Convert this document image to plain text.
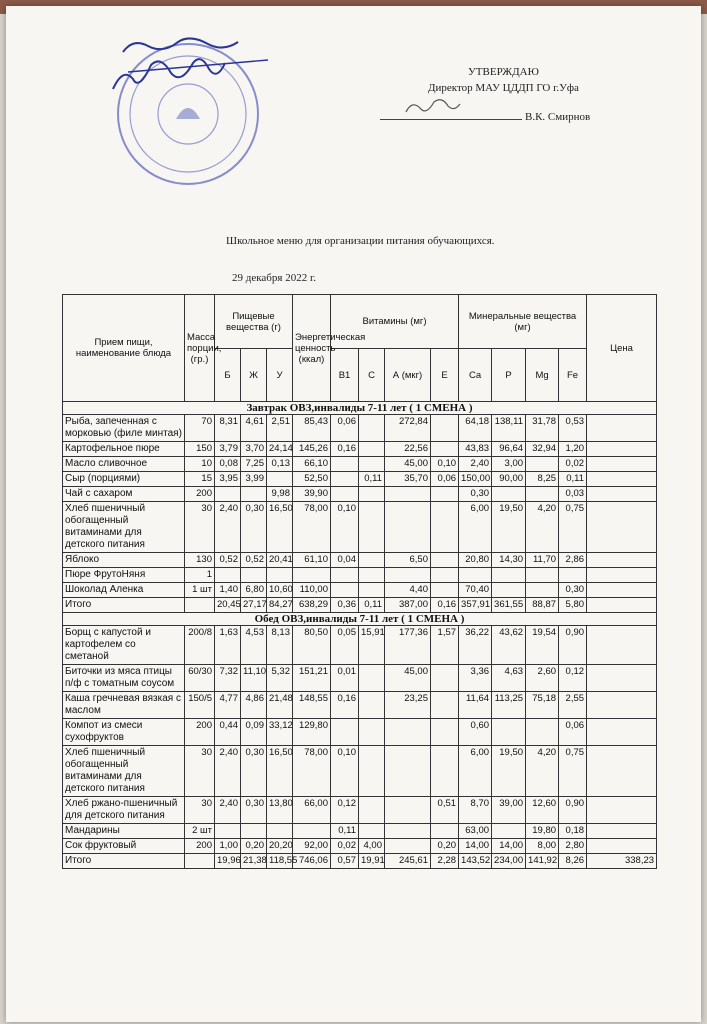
УТВЕРЖДАЮ
Директор МАУ ЦДДП ГО г.Уфа
В.К. Смирнов
Школьное меню для организации питания обучающихся.
29 декабря 2022 г.
Прием пищи, наименование блюда	Масса порции, (гр.)	Пищевые вещества (г)			Энергетическая ценность (ккал)	Витамины (мг)				Минеральные вещества (мг)				Цена
		Б	Ж	У		В1	С	А (мкг)	Е	Ca	P	Mg	Fe	
Завтрак ОВЗ,инвалиды 7-11 лет ( 1 СМЕНА )														
Рыба, запеченная с морковью (филе минтая)	70	8,31	4,61	2,51	85,43	0,06		272,84		64,18	138,11	31,78	0,53	
Картофельное пюре	150	3,79	3,70	24,14	145,26	0,16		22,56		43,83	96,64	32,94	1,20	
Масло сливочное	10	0,08	7,25	0,13	66,10			45,00	0,10	2,40	3,00		0,02	
Сыр (порциями)	15	3,95	3,99		52,50		0,11	35,70	0,06	150,00	90,00	8,25	0,11	
Чай с сахаром	200			9,98	39,90					0,30			0,03	
Хлеб пшеничный обогащенный витаминами для детского питания	30	2,40	0,30	16,50	78,00	0,10				6,00	19,50	4,20	0,75	
Яблоко	130	0,52	0,52	20,41	61,10	0,04		6,50		20,80	14,30	11,70	2,86	
Пюре ФрутоНяня	1													
Шоколад Аленка	1 шт	1,40	6,80	10,60	110,00			4,40		70,40			0,30	
Итого		20,45	27,17	84,27	638,29	0,36	0,11	387,00	0,16	357,91	361,55	88,87	5,80	
Обед ОВЗ,инвалиды 7-11 лет ( 1 СМЕНА )														
Борщ с капустой и картофелем со сметаной	200/8	1,63	4,53	8,13	80,50	0,05	15,91	177,36	1,57	36,22	43,62	19,54	0,90	
Биточки из мяса птицы п/ф с томатным соусом	60/30	7,32	11,10	5,32	151,21	0,01		45,00		3,36	4,63	2,60	0,12	
Каша гречневая вязкая с маслом	150/5	4,77	4,86	21,48	148,55	0,16		23,25		11,64	113,25	75,18	2,55	
Компот из смеси сухофруктов	200	0,44	0,09	33,12	129,80					0,60			0,06	
Хлеб пшеничный обогащенный витаминами для детского питания	30	2,40	0,30	16,50	78,00	0,10				6,00	19,50	4,20	0,75	
Хлеб ржано-пшеничный для детского питания	30	2,40	0,30	13,80	66,00	0,12			0,51	8,70	39,00	12,60	0,90	
Мандарины	2 шт					0,11				63,00		19,80	0,18	
Сок фруктовый	200	1,00	0,20	20,20	92,00	0,02	4,00		0,20	14,00	14,00	8,00	2,80	
Итого		19,96	21,38	118,55	746,06	0,57	19,91	245,61	2,28	143,52	234,00	141,92	8,26	338,23
